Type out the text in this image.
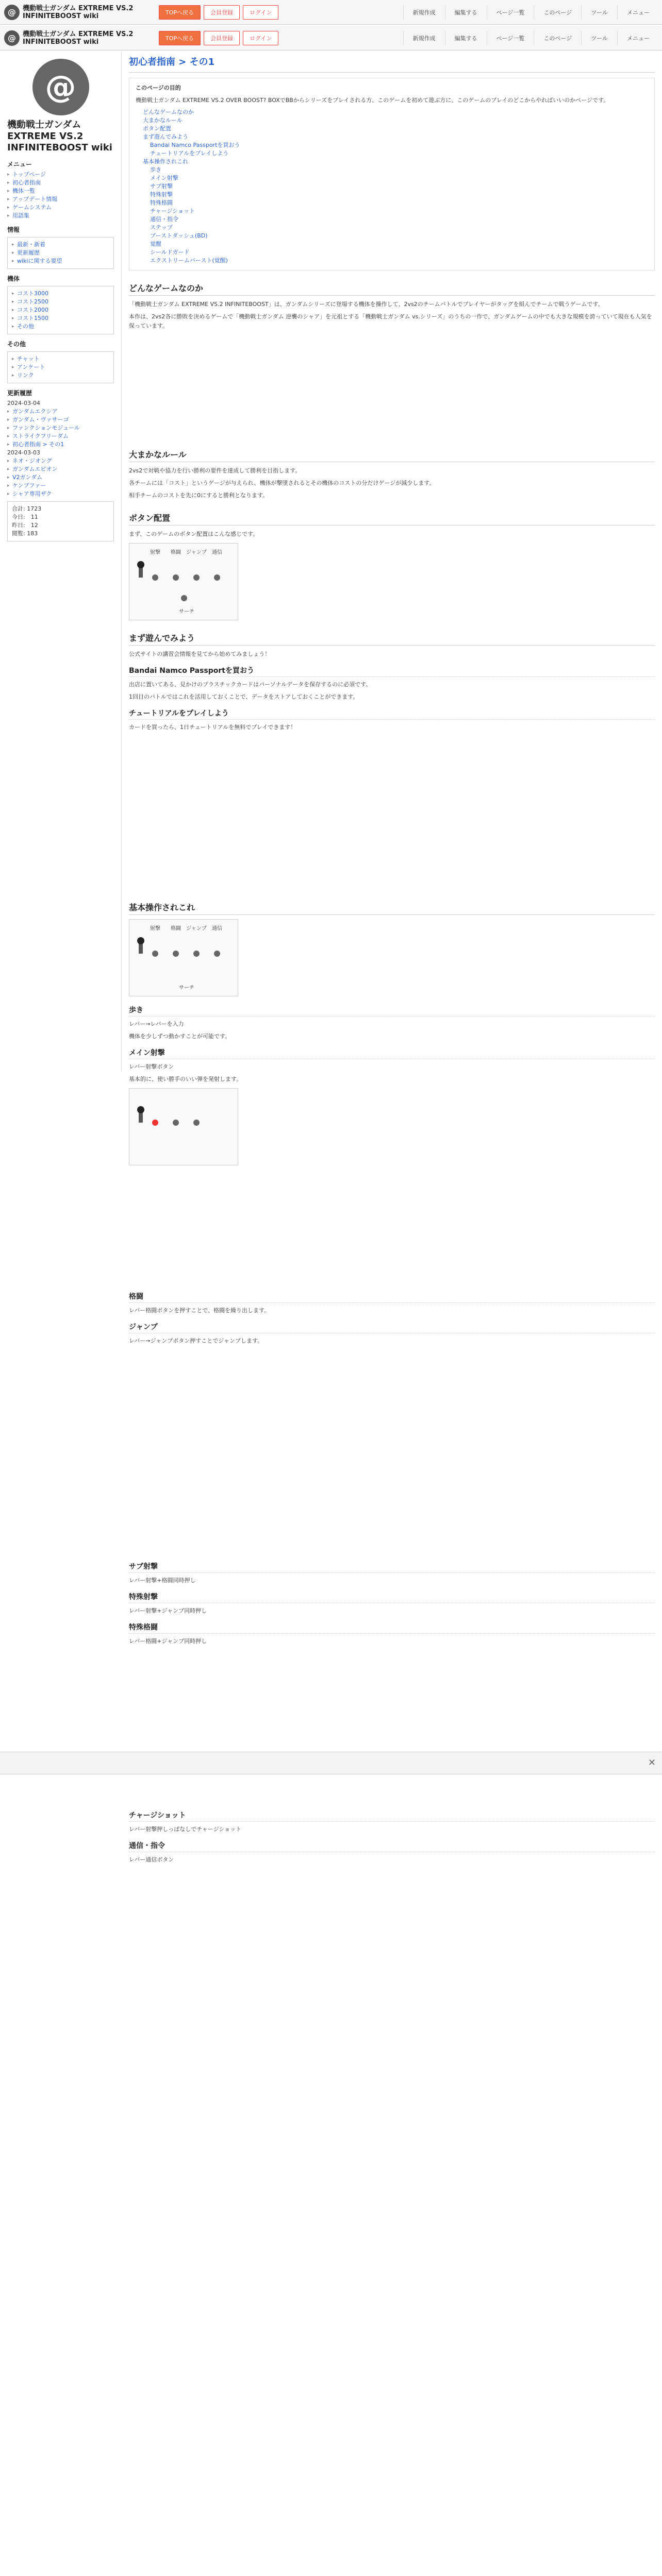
@	機動戦士ガンダム EXTREME VS.2
INFINITEBOOST wiki	TOPへ戻る	会員登録	ログイン	新規作成	編集する	ページ一覧	このページ	ツール	メニュー
@	機動戦士ガンダム EXTREME VS.2
INFINITEBOOST wiki	TOPへ戻る	会員登録	ログイン	新規作成	編集する	ページ一覧	このページ	ツール	メニュー
@
機動戦士ガンダム EXTREME VS.2 INFINITEBOOST wiki
メニュー
▸ トップページ
▸ 初心者指南
▸ 機体一覧
▸ アップデート情報
▸ ゲームシステム
▸ 用語集
情報
▸ 最新・新着
▸ 更新履歴
▸ wikiに関する要望
機体
▸ コスト3000
▸ コスト2500
▸ コスト2000
▸ コスト1500
▸ その他
その他
▸ チャット
▸ アンケート
▸ リンク
更新履歴
2024-03-04
▸ ガンダムエクシア
▸ ガンダム・ヴァサーゴ
▸ ファンクションモジュール
▸ ストライクフリーダム
▸ 初心者指南 > その1
2024-03-03
▸ ネオ・ジオング
▸ ガンダムエピオン
▸ V2ガンダム
▸ ケンプファー
▸ シャア専用ザク
合計: 1723
今日:　11
昨日:　12
閲覧: 183
初心者指南 > その1

このページの目的

機動戦士ガンダム EXTREME VS.2 OVER BOOST? BOXでBBからシリーズをプレイされる方、このゲームを初めて遊ぶ方に、このゲームのプレイのどこからやればいいのかページです。

どんなゲームなのか
大まかなルール
ボタン配置
まず遊んでみよう
Bandai Namco Passportを買おう
チュートリアルをプレイしよう
基本操作されこれ
歩き
メイン射撃
サブ射撃
特殊射撃
特殊格闘
チャージショット
通信・指令
ステップ
ブーストダッシュ(BD)
覚醒
シールドガード
エクストリームバースト(覚醒)
どんなゲームなのか

「機動戦士ガンダム EXTREME VS.2 INFINITEBOOST」は、ガンダムシリーズに登場する機体を操作して、2vs2のチームバトルでプレイヤーがタッグを組んでチームで戦うゲームです。

本作は、2vs2各に勝敗を決めるゲームで「機動戦士ガンダム 逆襲のシャア」を元祖とする「機動戦士ガンダム vs.シリーズ」のうちの一作で、ガンダムゲームの中でも大きな規模を誇っていて現在も人気を保っています。

大まかなルール

2vs2で対戦や協力を行い勝利の要件を達成して勝利を目指します。

各チームには「コスト」というゲージが与えられ、機体が撃墜されるとその機体のコストの分だけゲージが減少します。

相手チームのコストを先に0にすると勝利となります。

ボタン配置

まず、このゲームのボタン配置はこんな感じです。

射撃	格闘	ジャンプ	通信
サーチ
まず遊んでみよう

公式サイトの講習会情報を見てから始めてみましょう！

Bandai Namco Passportを買おう

出店に置いてある、見かけのプラスチックカードはパーソナルデータを保存するのに必須です。

1回目のバトルではこれを活用しておくことで、データをストアしておくことができます。

チュートリアルをプレイしよう

カードを買ったら、1日チュートリアルを無料でプレイできます！

基本操作されこれ
射撃	格闘	ジャンプ	通信
サーチ
歩き

レバー→レバーを入力

機体を少しずつ動かすことが可能です。

メイン射撃

レバー射撃ボタン

基本的に、使い勝手のいい弾を発射します。

格闘

レバー格闘ボタンを押すことで、格闘を繰り出します。

ジャンプ

レバー→ジャンプボタン押すことでジャンプします。

サブ射撃

レバー射撃+格闘同時押し

特殊射撃

レバー射撃+ジャンプ同時押し

特殊格闘

レバー格闘+ジャンプ同時押し

チャージショット

レバー射撃押しっぱなしでチャージショット

通信・指令

レバー通信ボタン

✕
